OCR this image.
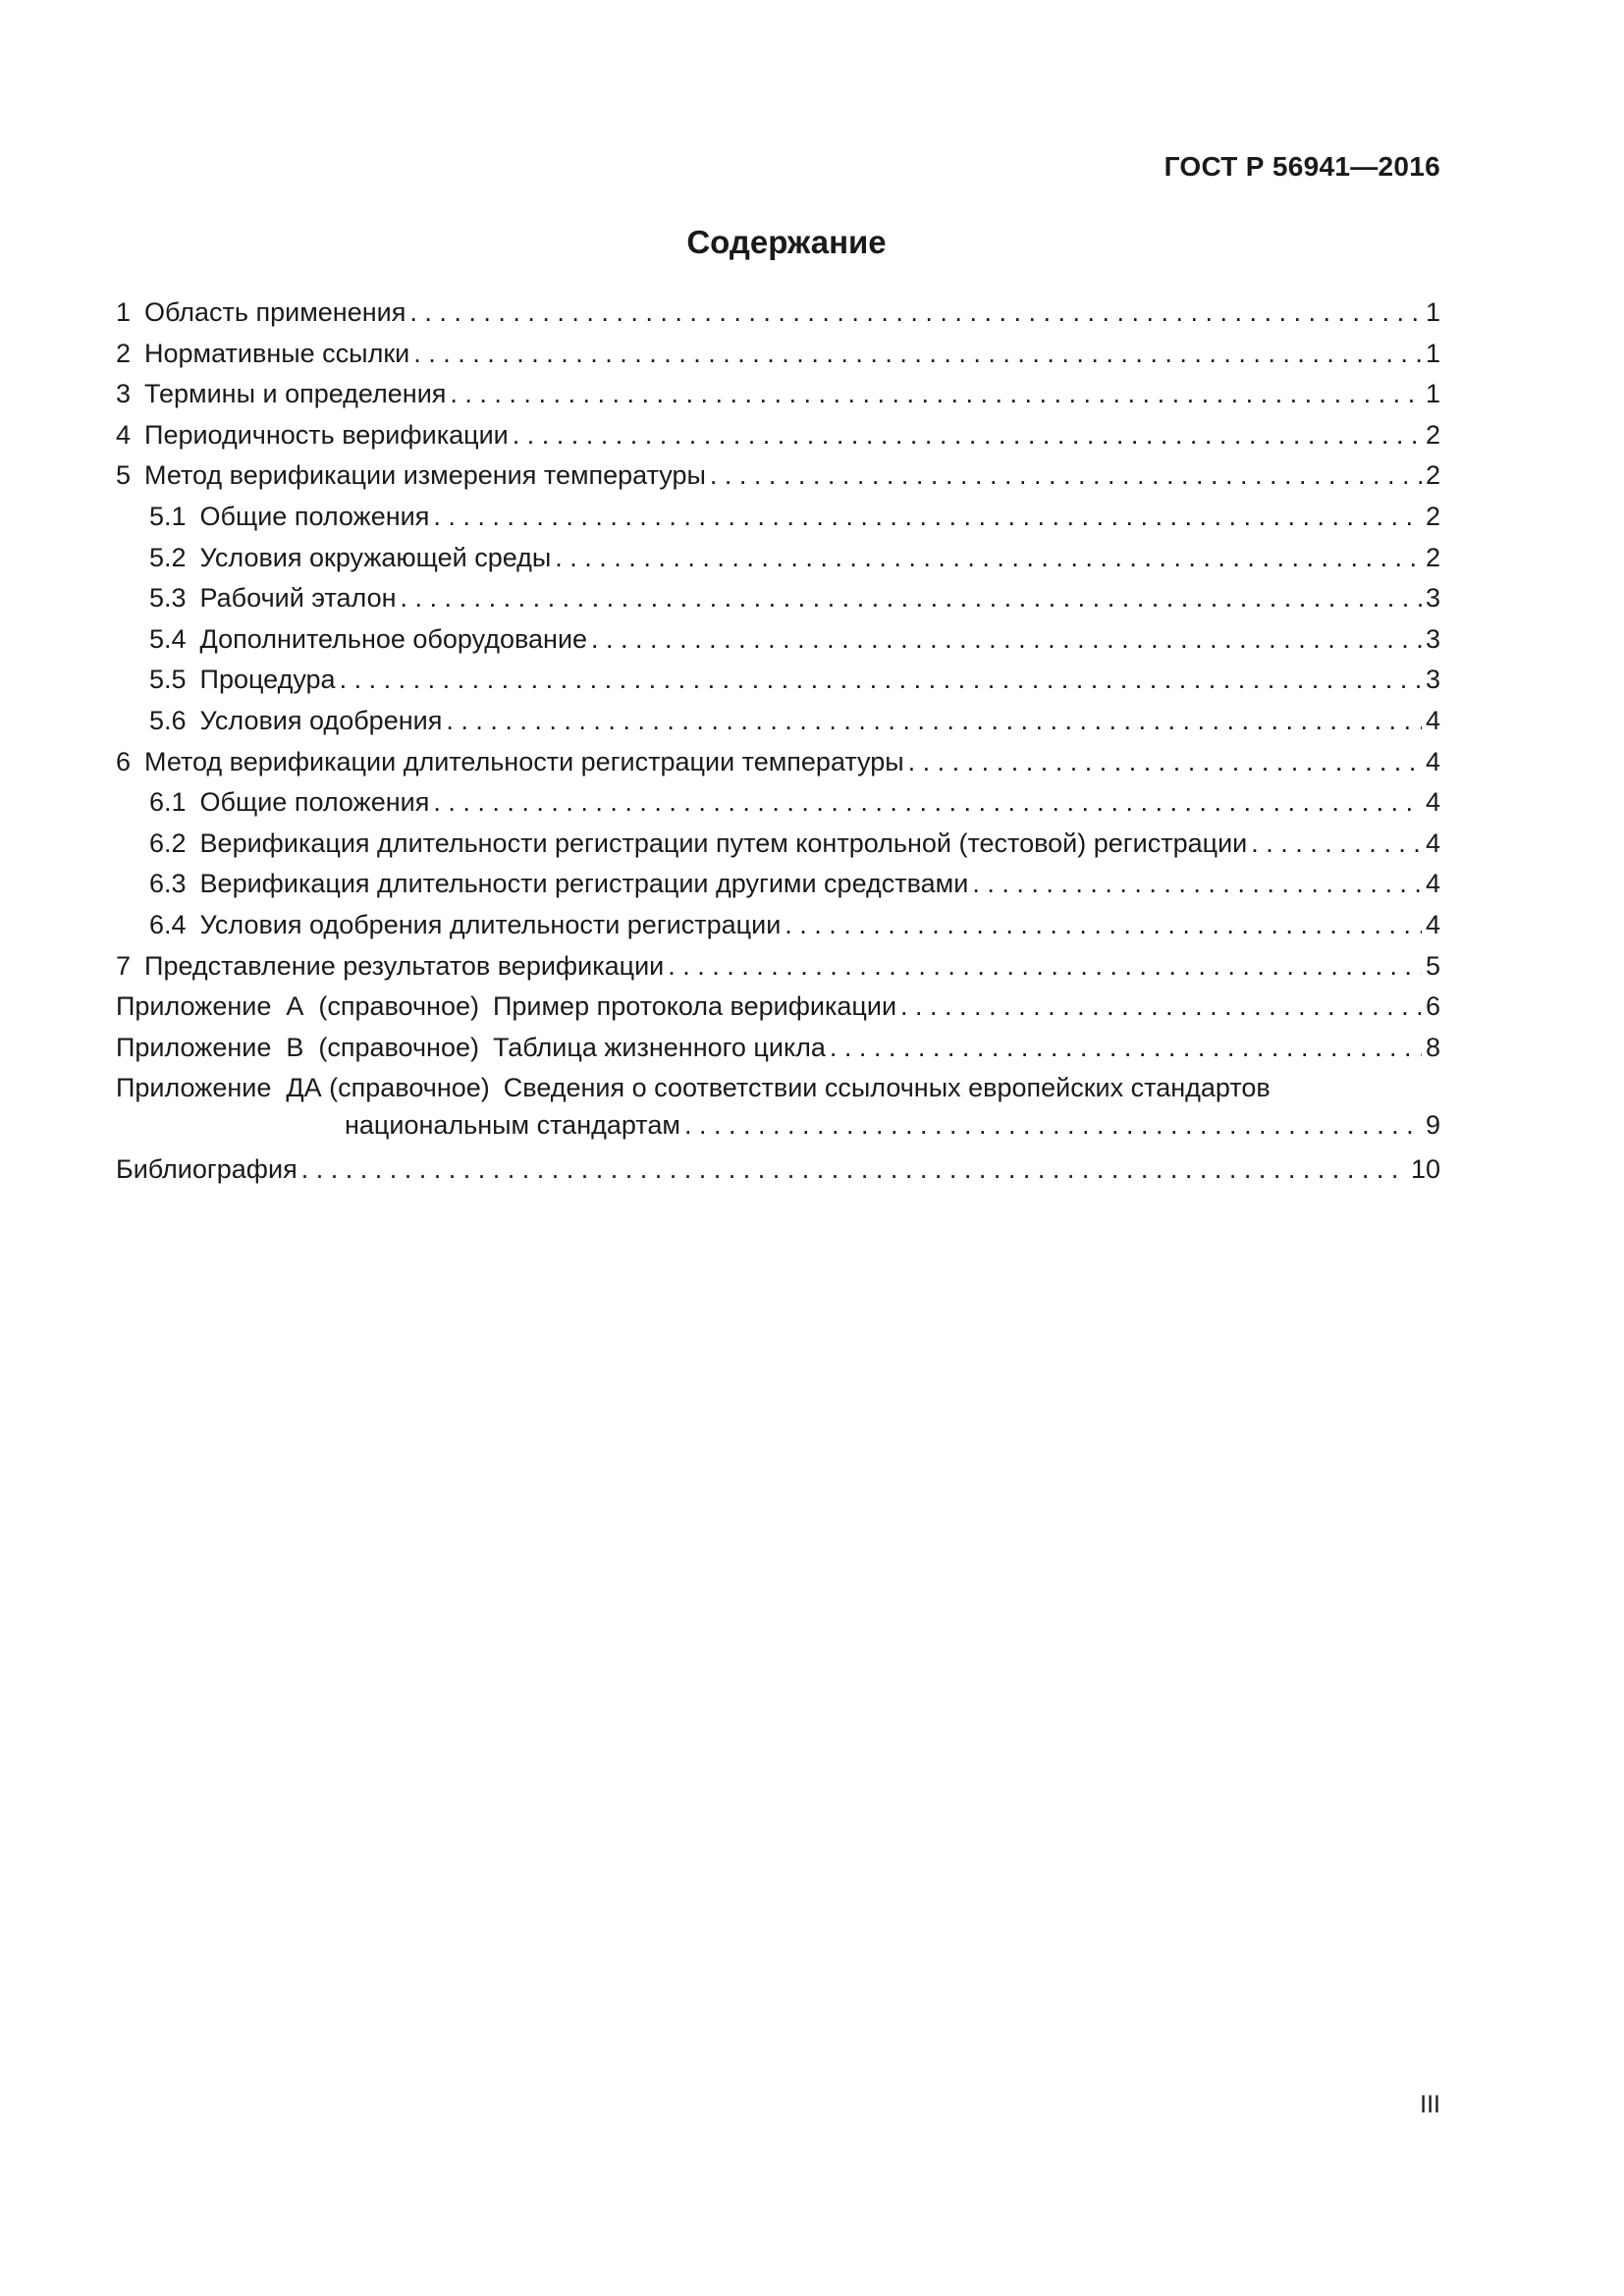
ГОСТ Р 56941—2016
Содержание
1 Область применения . . .	1
2 Нормативные ссылки . . .	1
3 Термины и определения . . .	1
4 Периодичность верификации . . .	2
5 Метод верификации измерения температуры . . .	2
5.1 Общие положения . . .	2
5.2 Условия окружающей среды . . .	2
5.3 Рабочий эталон . . .	3
5.4 Дополнительное оборудование . . .	3
5.5 Процедура . . .	3
5.6 Условия одобрения . . .	4
6 Метод верификации длительности регистрации температуры . . .	4
6.1 Общие положения . . .	4
6.2 Верификация длительности регистрации путем контрольной (тестовой) регистрации . . .	4
6.3 Верификация длительности регистрации другими средствами . . .	4
6.4 Условия одобрения длительности регистрации . . .	4
7 Представление результатов верификации . . .	5
Приложение  А  (справочное) Пример протокола верификации . . .	6
Приложение  В  (справочное) Таблица жизненного цикла . . .	8
Приложение  ДА (справочное) Сведения о соответствии ссылочных европейских стандартов
национальным стандартам . . .	9
Библиография . . .	10
III
